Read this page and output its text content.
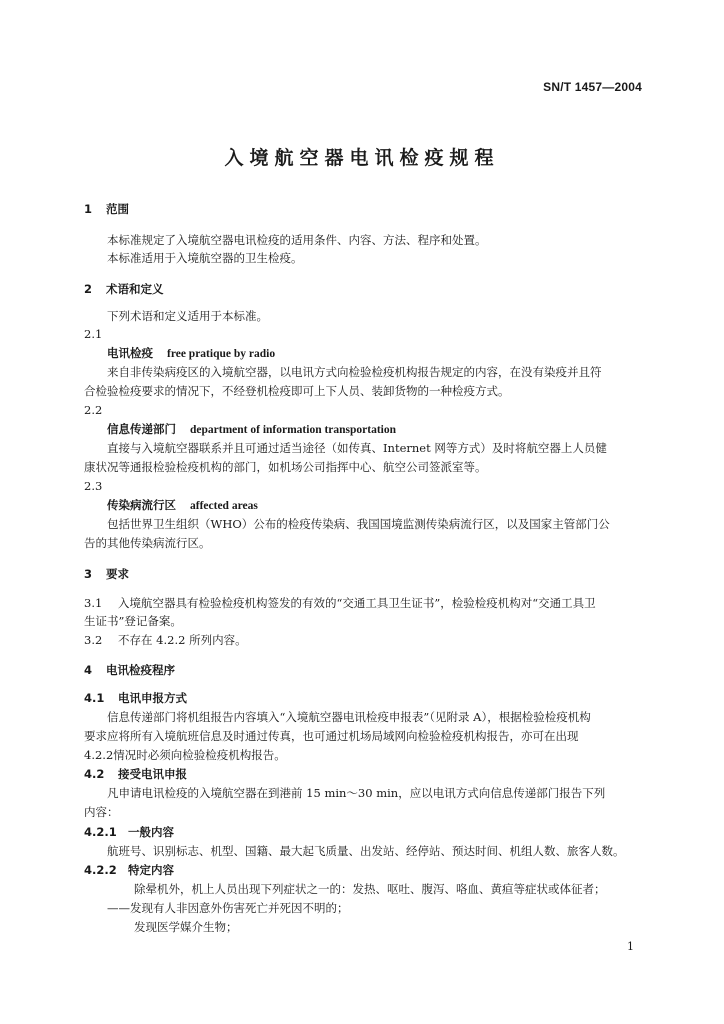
SN/T 1457—2004
入境航空器电讯检疫规程
1 范围
本标准规定了入境航空器电讯检疫的适用条件、内容、方法、程序和处置。
本标准适用于入境航空器的卫生检疫。
2 术语和定义
下列术语和定义适用于本标准。
2.1
电讯检疫 free pratique by radio
来自非传染病疫区的入境航空器，以电讯方式向检验检疫机构报告规定的内容，在没有染疫并且符
合检验检疫要求的情况下，不经登机检疫即可上下人员、装卸货物的一种检疫方式。
2.2
信息传递部门 department of information transportation
直接与入境航空器联系并且可通过适当途径（如传真、Internet 网等方式）及时将航空器上人员健
康状况等通报检验检疫机构的部门，如机场公司指挥中心、航空公司签派室等。
2.3
传染病流行区 affected areas
包括世界卫生组织（WHO）公布的检疫传染病、我国国境监测传染病流行区，以及国家主管部门公
告的其他传染病流行区。
3 要求
3.1 入境航空器具有检验检疫机构签发的有效的“交通工具卫生证书”，检验检疫机构对“交通工具卫
生证书”登记备案。
3.2 不存在 4.2.2 所列内容。
4 电讯检疫程序
4.1 电讯申报方式
信息传递部门将机组报告内容填入“入境航空器电讯检疫申报表”（见附录 A），根据检验检疫机构
要求应将所有入境航班信息及时通过传真，也可通过机场局域网向检验检疫机构报告，亦可在出现
4.2.2情况时必须向检验检疫机构报告。
4.2 接受电讯申报
凡申请电讯检疫的入境航空器在到港前 15 min～30 min，应以电讯方式向信息传递部门报告下列
内容：
4.2.1 一般内容
航班号、识别标志、机型、国籍、最大起飞质量、出发站、经停站、预达时间、机组人数、旅客人数。
4.2.2 特定内容
除晕机外，机上人员出现下列症状之一的：发热、呕吐、腹泻、咯血、黄疸等症状或体征者；
——发现有人非因意外伤害死亡并死因不明的；
发现医学媒介生物；
1
